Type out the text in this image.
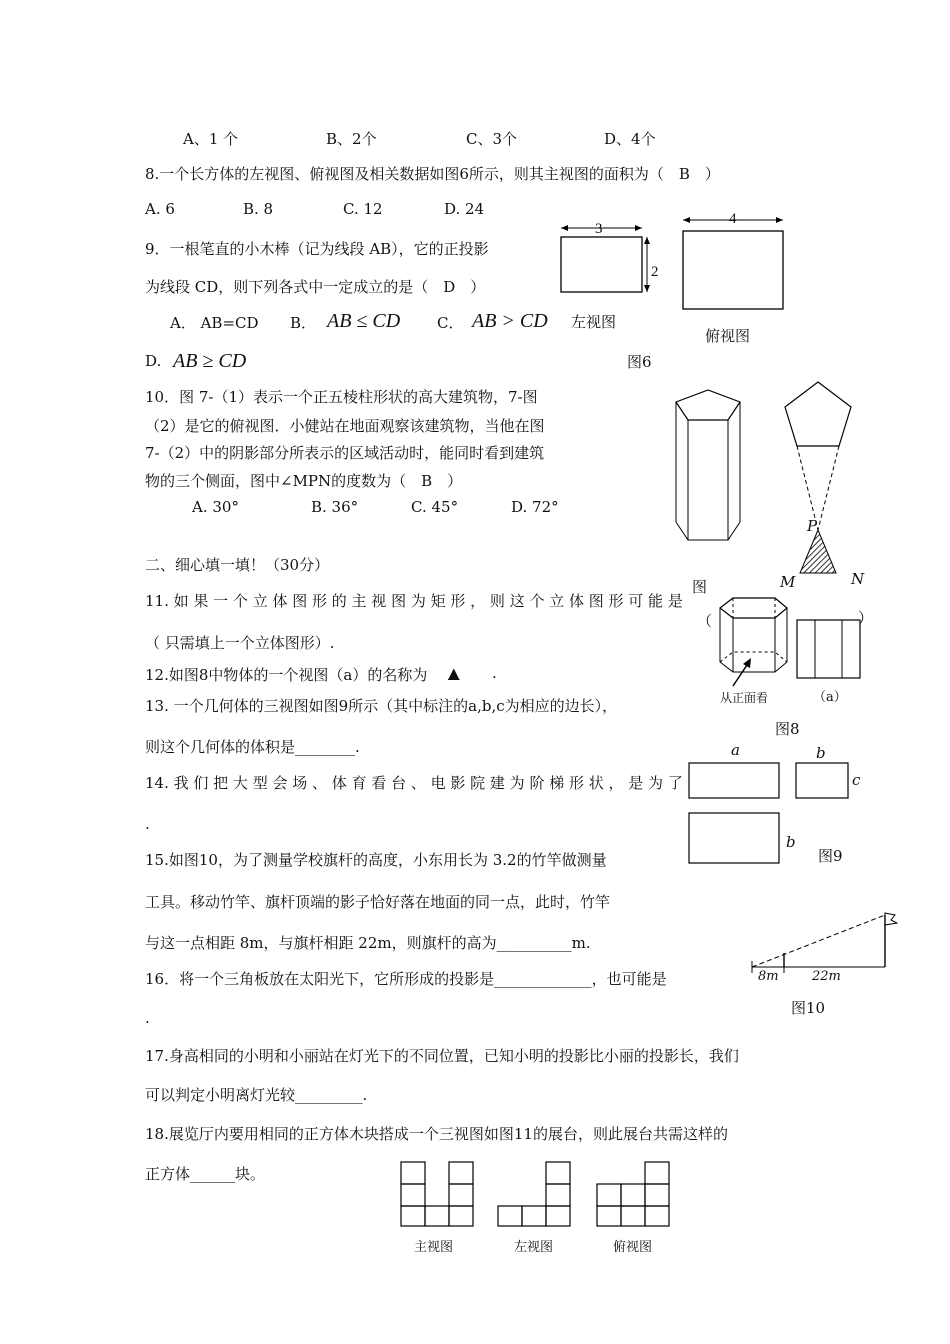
A、1 个	B、2个	C、3个	D、4个
8.一个长方体的左视图、俯视图及相关数据如图6所示，则其主视图的面积为（　B　）
A. 6	B. 8	C. 12	D. 24
9．一根笔直的小木棒（记为线段 AB），它的正投影
为线段 CD，则下列各式中一定成立的是（　D　）
A． AB=CD B． AB ≤ CD C． AB > CD
D. AB ≥ CD
3
2
4
左视图
俯视图
图6
10．图 7-（1）表示一个正五棱柱形状的高大建筑物，7-图
（2）是它的俯视图．小健站在地面观察该建筑物，当他在图
7-（2）中的阴影部分所表示的区域活动时，能同时看到建筑
物的三个侧面，图中∠MPN的度数为（　B　）
A. 30°	B. 36°	C. 45°	D. 72°
P
M	N
图
二、细心填一填！（30分）
11. 如 果 一 个 立 体 图 形 的 主 视 图 为 矩 形 ， 则 这 个 立 体 图 形 可 能 是
（ 只需填上一个立体图形）.
（	）
从正面看	（a）
图8
12.如图8中物体的一个视图（a）的名称为 ▲ .
13. 一个几何体的三视图如图9所示（其中标注的a,b,c为相应的边长），
则这个几何体的体积是________.	a	b
c
b
图9
14. 我 们 把 大 型 会 场 、 体 育 看 台 、 电 影 院 建 为 阶 梯 形 状 ， 是 为 了
.
15.如图10，为了测量学校旗杆的高度，小东用长为 3.2的竹竿做测量
工具。移动竹竿、旗杆顶端的影子恰好落在地面的同一点，此时，竹竿
与这一点相距 8m，与旗杆相距 22m，则旗杆的高为__________m.
8m	22m
图10
16．将一个三角板放在太阳光下，它所形成的投影是_____________，也可能是
.
17.身高相同的小明和小丽站在灯光下的不同位置，已知小明的投影比小丽的投影长，我们
可以判定小明离灯光较_________.
18.展览厅内要用相同的正方体木块搭成一个三视图如图11的展台，则此展台共需这样的
正方体______块。
主视图	左视图	俯视图
